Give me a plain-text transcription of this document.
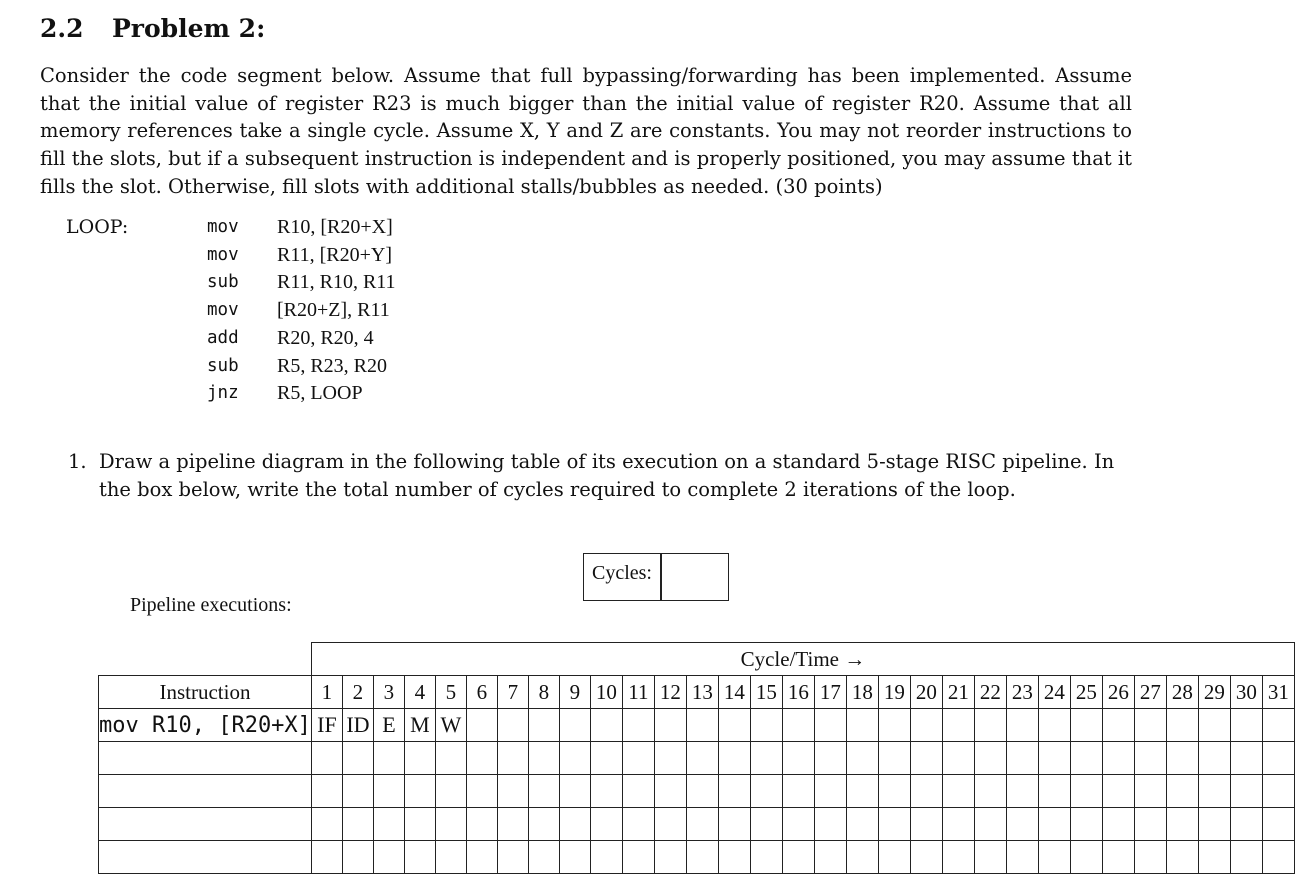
2.2 Problem 2:

Consider the code segment below. Assume that full bypassing/forwarding has been implemented. Assume that the initial value of register R23 is much bigger than the initial value of register R20. Assume that all memory references take a single cycle. Assume X, Y and Z are constants. You may not reorder instructions to fill the slots, but if a subsequent instruction is independent and is properly positioned, you may assume that it fills the slot. Otherwise, fill slots with additional stalls/bubbles as needed. (30 points)

LOOP:	mov	R10, [R20+X]
mov	R11, [R20+Y]
sub	R11, R10, R11
mov	[R20+Z], R11
add	R20, R20, 4
sub	R5, R23, R20
jnz	R5, LOOP
1. Draw a pipeline diagram in the following table of its execution on a standard 5-stage RISC pipeline. In the box below, write the total number of cycles required to complete 2 iterations of the loop.
Cycles:
Pipeline executions:
	Cycle/Time →																														
Instruction	1	2	3	4	5	6	7	8	9	10	11	12	13	14	15	16	17	18	19	20	21	22	23	24	25	26	27	28	29	30	31
mov R10, [R20+X]	IF	ID	E	M	W																										
